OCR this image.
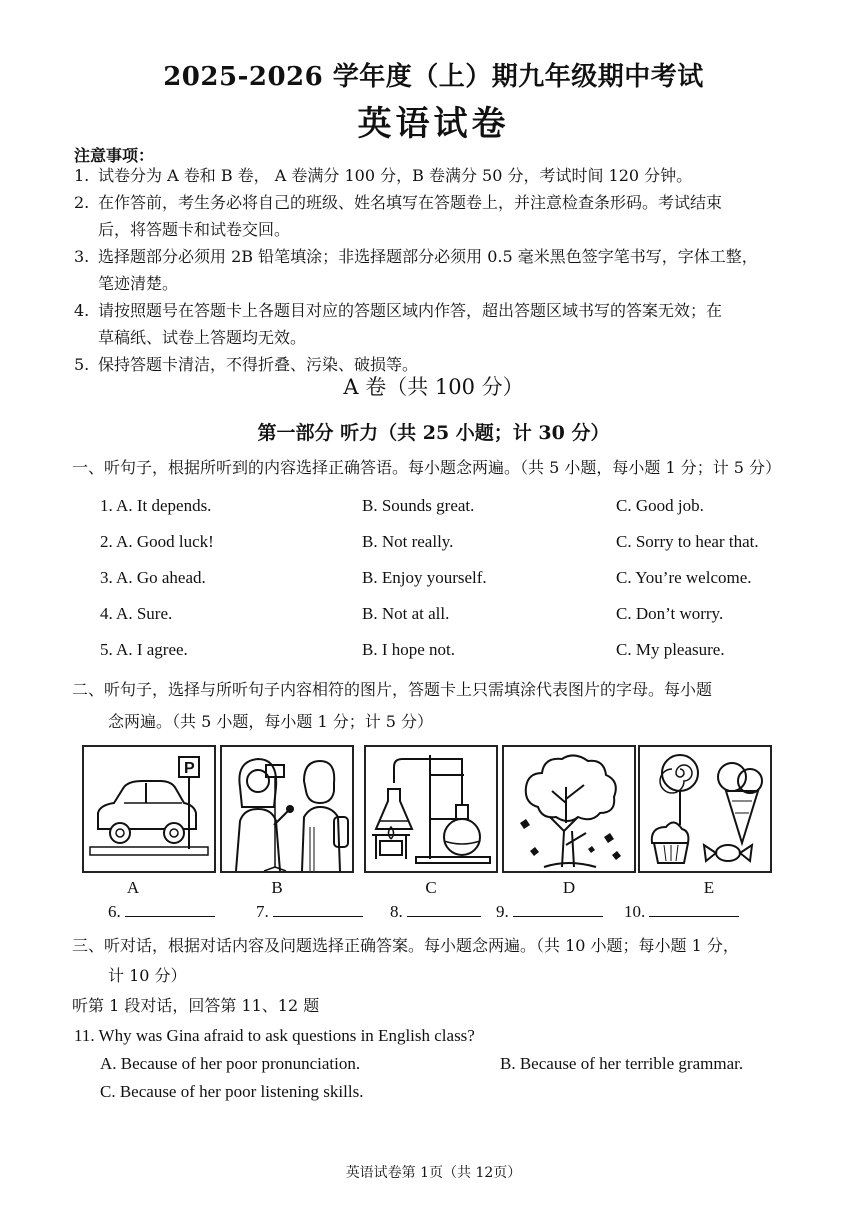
2025-2026 学年度（上）期九年级期中考试
英语试卷
注意事项：
1. 试卷分为 A 卷和 B 卷， A 卷满分 100 分，B 卷满分 50 分，考试时间 120 分钟。
2. 在作答前，考生务必将自己的班级、姓名填写在答题卷上，并注意检查条形码。考试结束
后，将答题卡和试卷交回。
3. 选择题部分必须用 2B 铅笔填涂；非选择题部分必须用 0.5 毫米黑色签字笔书写，字体工整，
笔迹清楚。
4. 请按照题号在答题卡上各题目对应的答题区域内作答，超出答题区域书写的答案无效；在
草稿纸、试卷上答题均无效。
5. 保持答题卡清洁，不得折叠、污染、破损等。
A 卷（共 100 分）
第一部分 听力（共 25 小题；计 30 分）
一、听句子，根据所听到的内容选择正确答语。每小题念两遍。（共 5 小题，每小题 1 分；计 5 分）
1. A. It depends.	B. Sounds great.	C. Good job.
2. A. Good luck!	B. Not really.	C. Sorry to hear that.
3. A. Go ahead.	B. Enjoy yourself.	C. You’re welcome.
4. A. Sure.	B. Not at all.	C. Don’t worry.
5. A. I agree.	B. I hope not.	C. My pleasure.
二、听句子，选择与所听句子内容相符的图片，答题卡上只需填涂代表图片的字母。每小题
念两遍。（共 5 小题，每小题 1 分；计 5 分）
P
A	B	C	D	E
6.	7.	8.	9.	10.
三、听对话，根据对话内容及问题选择正确答案。每小题念两遍。（共 10 小题；每小题 1 分，
计 10 分）
听第 1 段对话，回答第 11、12 题
11. Why was Gina afraid to ask questions in English class?
A. Because of her poor pronunciation.	B. Because of her terrible grammar.
C. Because of her poor listening skills.
英语试卷第 1页（共 12页）
